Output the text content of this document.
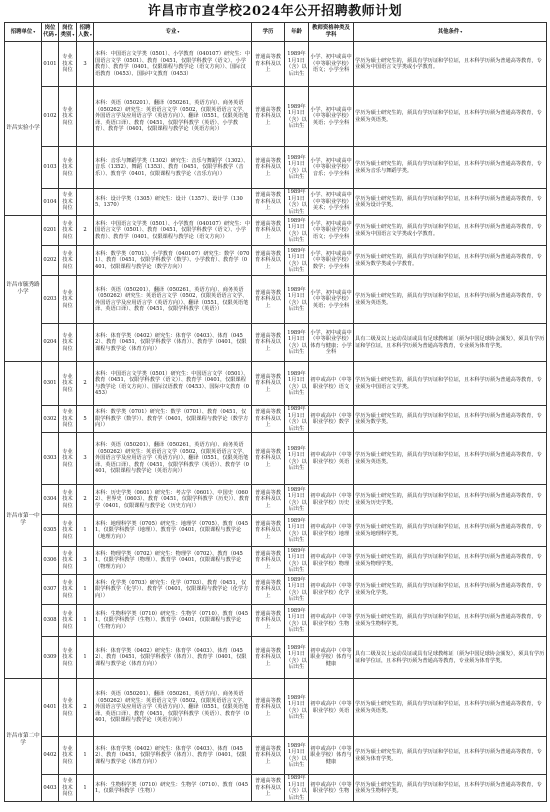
许昌市市直学校2024年公开招聘教师计划
招聘单位▾	岗位代码▾	岗位类别▾	招聘人数▾	专业▾	学历	年龄	教师资格种类及学科	其他条件▾
许昌实验小学	0101	专业技术岗位	3	本科：中国语言文学类（0501）、小学教育（040107）研究生：中国语言文学（0501）、教育（0451，仅限学科教学（语文）、小学教育）、教育学（0401，仅限课程与教学论（语文方向））、国际汉语教育（0453）、国际中文教育（0453）	普通高等教育本科及以上	1989年1月1日（含）以后出生	小学、初中或高中（中等职业学校）语文；小学全科	学历为硕士研究生的，须具有学历证和学位证，且本科学历须为普通高等教育，专业须为中国语言文学类或小学教育。
	0102	专业技术岗位		本科：英语（050201）、翻译（050261，英语方向）、商务英语（050262）研究生：英语语言文学（0502，仅限英语语言文学、外国语言学及应用语言学（英语方向））、翻译（0551，仅限英语笔译、英语口译）、教育（0451，仅限学科教学（英语）、小学教育）、教育学（0401，仅限课程与教学论（英语方向））	普通高等教育本科及以上	1989年1月1日（含）以后出生	小学、初中或高中（中等职业学校）英语；小学全科	学历为硕士研究生的，须具有学历证和学位证，且本科学历须为普通高等教育，专业须为英语类。
	0103	专业技术岗位		本科：音乐与舞蹈学类（1302）研究生：音乐与舞蹈学（1302）、音乐（1352）、舞蹈（1353）、教育（0451，仅限学科教学（音乐））、教育学（0401，仅限课程与教学论（音乐方向））	普通高等教育本科及以上	1989年1月1日（含）以后出生	小学、初中或高中（中等职业学校）音乐；小学全科	学历为硕士研究生的，须具有学历证和学位证，且本科学历须为普通高等教育，专业须为音乐与舞蹈学类。
	0104	专业技术岗位		本科：设计学类（1305）研究生：设计（1357）、设计学（1305、1370）	普通高等教育本科及以上	1989年1月1日（含）以后出生	小学、初中或高中（中等职业学校）美术；小学全科	学历为硕士研究生的，须具有学历证和学位证，且本科学历须为普通高等教育，专业须为设计学类。
许昌市毓秀路小学	0201	专业技术岗位	2	本科：中国语言文学类（0501）、小学教育（040107）研究生：中国语言文学（0501）、教育（0451，仅限学科教学（语文）、小学教育）、教育学（0401，仅限课程与教学论（语文方向））	普通高等教育本科及以上	1989年1月1日（含）以后出生	小学、初中或高中（中等职业学校）语文；小学全科	学历为硕士研究生的，须具有学历证和学位证，且本科学历须为普通高等教育，专业须为中国语言文学类或小学教育。
	0202	专业技术岗位		本科：数学类（0701）、小学教育（040107）研究生：数学（0701）、教育（0451，仅限学科教学（数学）、小学教育）、教育学（0401，仅限课程与教学论（数学方向））	普通高等教育本科及以上	1989年1月1日（含）以后出生	小学、初中或高中（中等职业学校）数学；小学全科	学历为硕士研究生的，须具有学历证和学位证，且本科学历须为普通高等教育，专业须为数学类或小学教育。
	0203	专业技术岗位		本科：英语（050201）、翻译（050261，英语方向）、商务英语（050262）研究生：英语语言文学（0502，仅限英语语言文学、外国语言学及应用语言学（英语方向））、翻译（0551，仅限英语笔译、英语口译）、教育（0451，仅限学科教学（英语））	普通高等教育本科及以上	1989年1月1日（含）以后出生	小学、初中或高中（中等职业学校）英语；小学全科	学历为硕士研究生的，须具有学历证和学位证，且本科学历须为普通高等教育，专业须为英语类。
	0204	专业技术岗位		本科：体育学类（0402）研究生：体育学（0403）、体育（0452）、教育（0451，仅限学科教学（体育））、教育学（0401，仅限课程与教学论（体育方向））	普通高等教育本科及以上	1989年1月1日（含）以后出生	小学、初中或高中（中等职业学校）体育与健康；小学全科	具有二级及以上运动员证或具有足球教练证（须为中国足球协会颁发），须具有学历证和学位证，且本科学历须为普通高等教育，专业须为体育学类。
许昌市第一中学	0301	专业技术岗位	2	本科：中国语言文学类（0501）研究生：中国语言文学（0501）、教育（0451，仅限学科教学（语文））、教育学（0401，仅限课程与教学论（语文方向））、国际汉语教育（0453）、国际中文教育（0453）	普通高等教育本科及以上	1989年1月1日（含）以后出生	初中或高中（中等职业学校）语文	学历为硕士研究生的，须具有学历证和学位证，且本科学历须为普通高等教育，专业须为中国语言文学类。
	0302	专业技术岗位	5	本科：数学类（0701）研究生：数学（0701）、教育（0451，仅限学科教学（数学））、教育学（0401，仅限课程与教学论（数学方向））	普通高等教育本科及以上	1989年1月1日（含）以后出生	初中或高中（中等职业学校）数学	学历为硕士研究生的，须具有学历证和学位证，且本科学历须为普通高等教育，专业须为数学类。
	0303	专业技术岗位	3	本科：英语（050201）、翻译（050261，英语方向）、商务英语（050262）研究生：英语语言文学（0502，仅限英语语言文学、外国语言学及应用语言学（英语方向））、翻译（0551，仅限英语笔译、英语口译）、教育（0451，仅限学科教学（英语））、教育学（0401，仅限课程与教学论（英语方向））	普通高等教育本科及以上	1989年1月1日（含）以后出生	初中或高中（中等职业学校）英语	学历为硕士研究生的，须具有学历证和学位证，且本科学历须为普通高等教育，专业须为英语类。
	0304	专业技术岗位	2	本科：历史学类（0601）研究生：考古学（0601）、中国史（0602）、世界史（0603）、教育（0451，仅限学科教学（历史））、教育学（0401，仅限课程与教学论（历史方向））	普通高等教育本科及以上	1989年1月1日（含）以后出生	初中或高中（中等职业学校）历史	学历为硕士研究生的，须具有学历证和学位证，且本科学历须为普通高等教育，专业须为历史学类。
	0305	专业技术岗位	1	本科：地理科学类（0705）研究生：地理学（0705）、教育（0451，仅限学科教学（地理））、教育学（0401，仅限课程与教学论（地理方向））	普通高等教育本科及以上	1989年1月1日（含）以后出生	初中或高中（中等职业学校）地理	学历为硕士研究生的，须具有学历证和学位证，且本科学历须为普通高等教育，专业须为地理科学类。
	0306	专业技术岗位	3	本科：物理学类（0702）研究生：物理学（0702）、教育（0451，仅限学科教学（物理））、教育学（0401，仅限课程与教学论（物理方向））	普通高等教育本科及以上	1989年1月1日（含）以后出生	初中或高中（中等职业学校）物理	学历为硕士研究生的，须具有学历证和学位证，且本科学历须为普通高等教育，专业须为物理学类。
	0307	专业技术岗位	1	本科：化学类（0703）研究生：化学（0703）、教育（0451，仅限学科教学（化学））、教育学（0401，仅限课程与教学论（化学方向））	普通高等教育本科及以上	1989年1月1日（含）以后出生	初中或高中（中等职业学校）化学	学历为硕士研究生的，须具有学历证和学位证，且本科学历须为普通高等教育，专业须为化学类。
	0308	专业技术岗位	1	本科：生物科学类（0710）研究生：生物学（0710）、教育（0451，仅限学科教学（生物））、教育学（0401，仅限课程与教学论（生物方向））	普通高等教育本科及以上	1989年1月1日（含）以后出生	初中或高中（中等职业学校）生物	学历为硕士研究生的，须具有学历证和学位证，且本科学历须为普通高等教育，专业须为生物科学类。
	0309	专业技术岗位	1	本科：体育学类（0402）研究生：体育学（0403）、体育（0452）、教育（0451，仅限学科教学（体育））、教育学（0401，仅限课程与教学论（体育方向））	普通高等教育本科及以上	1989年1月1日（含）以后出生	初中或高中（中等职业学校）体育与健康	具有二级及以上运动员证或具有足球教练证（须为中国足球协会颁发），须具有学历证和学位证，且本科学历须为普通高等教育，专业须为体育学类。
许昌市第二中学	0401	专业技术岗位	2	本科：英语（050201）、翻译（050261，英语方向）、商务英语（050262）研究生：英语语言文学（0502，仅限英语语言文学、外国语言学及应用语言学（英语方向））、翻译（0551，仅限英语笔译、英语口译）、教育（0451，仅限学科教学（英语））、教育学（0401，仅限课程与教学论（英语方向））	普通高等教育本科及以上	1989年1月1日（含）以后出生	初中或高中（中等职业学校）英语	学历为硕士研究生的，须具有学历证和学位证，且本科学历须为普通高等教育，专业须为英语类。
	0402	专业技术岗位	1	本科：体育学类（0402）研究生：体育学（0403）、体育（0452）、教育（0451，仅限学科教学（体育））、教育学（0401，仅限课程与教学论（体育方向））	普通高等教育本科及以上	1989年1月1日（含）以后出生	初中或高中（中等职业学校）体育与健康	学历为硕士研究生的，须具有学历证和学位证，且本科学历须为普通高等教育，专业须为体育学类。
	0403	专业技术岗位	1	本科：生物科学类（0710）研究生：生物学（0710）、教育（0451，仅限学科教学（生物））	普通高等教育本科及以上	1989年1月1日（含）以后出生	初中或高中（中等职业学校）生物	学历为硕士研究生的，须具有学历证和学位证，且本科学历须为普通高等教育，专业须为生物科学类。
